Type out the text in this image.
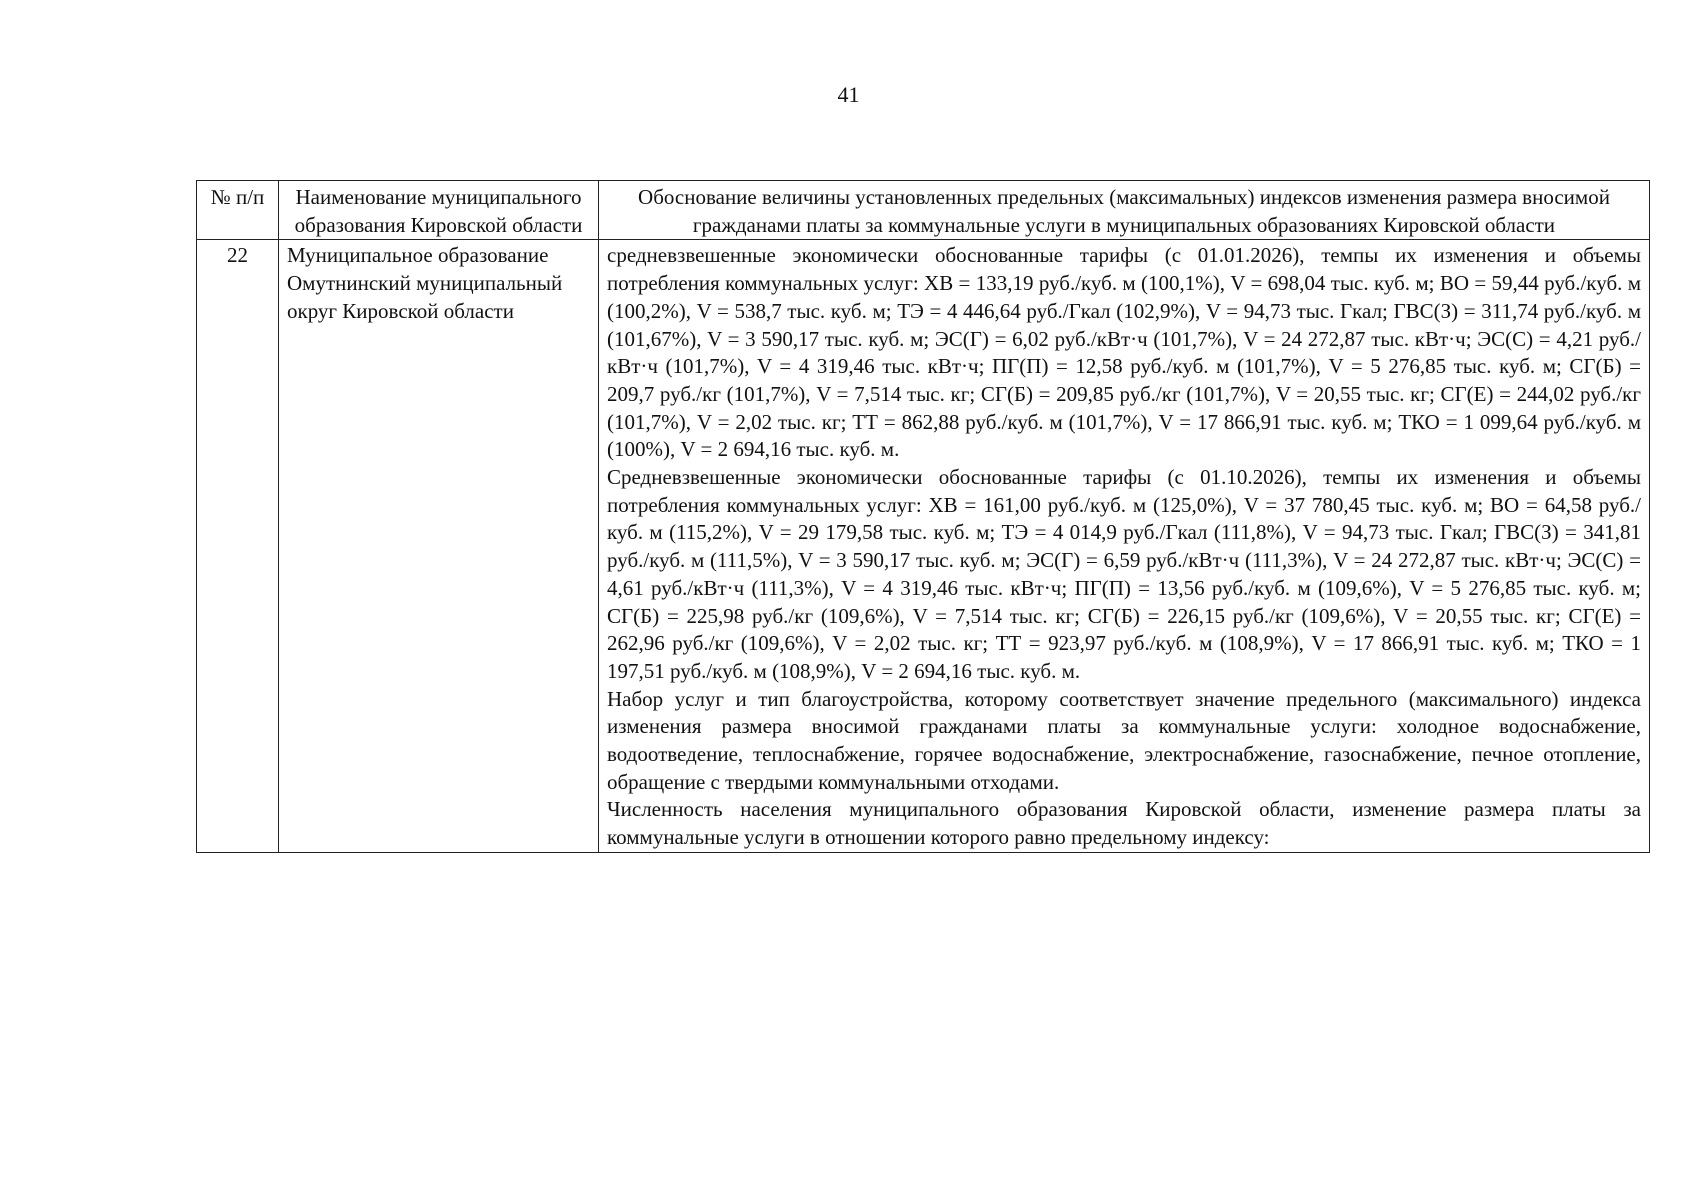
41
№ п/п	Наименование муниципального образования Кировской области	Обоснование величины установленных предельных (максимальных) индексов изменения размера вносимой гражданами платы за коммунальные услуги в муниципальных образованиях Кировской области
22	Муниципальное образование Омутнинский муниципальный округ Кировской области	средневзвешенные экономически обоснованные тарифы (с 01.01.2026), темпы их изменения и объемы потребления коммунальных услуг: ХВ = 133,19 руб./куб. м (100,1%), V = 698,04 тыс. куб. м; ВО = 59,44 руб./куб. м (100,2%), V = 538,7 тыс. куб. м; ТЭ = 4 446,64 руб./Гкал (102,9%), V = 94,73 тыс. Гкал; ГВС(З) = 311,74 руб./куб. м (101,67%), V = 3 590,17 тыс. куб. м; ЭС(Г) = 6,02 руб./кВт·ч (101,7%), V = 24 272,87 тыс. кВт·ч; ЭС(С) = 4,21 руб./кВт·ч (101,7%), V = 4 319,46 тыс. кВт·ч; ПГ(П) = 12,58 руб./куб. м (101,7%), V = 5 276,85 тыс. куб. м; СГ(Б) = 209,7 руб./кг (101,7%), V = 7,514 тыс. кг; СГ(Б) = 209,85 руб./кг (101,7%), V = 20,55 тыс. кг; СГ(Е) = 244,02 руб./кг (101,7%), V = 2,02 тыс. кг; ТТ = 862,88 руб./куб. м (101,7%), V = 17 866,91 тыс. куб. м; ТКО = 1 099,64 руб./куб. м (100%), V = 2 694,16 тыс. куб. м.

Средневзвешенные экономически обоснованные тарифы (с 01.10.2026), темпы их изменения и объемы потребления коммунальных услуг: ХВ = 161,00 руб./куб. м (125,0%), V = 37 780,45 тыс. куб. м; ВО = 64,58 руб./куб. м (115,2%), V = 29 179,58 тыс. куб. м; ТЭ = 4 014,9 руб./Гкал (111,8%), V = 94,73 тыс. Гкал; ГВС(З) = 341,81 руб./куб. м (111,5%), V = 3 590,17 тыс. куб. м; ЭС(Г) = 6,59 руб./кВт·ч (111,3%), V = 24 272,87 тыс. кВт·ч; ЭС(С) = 4,61 руб./кВт·ч (111,3%), V = 4 319,46 тыс. кВт·ч; ПГ(П) = 13,56 руб./куб. м (109,6%), V = 5 276,85 тыс. куб. м; СГ(Б) = 225,98 руб./кг (109,6%), V = 7,514 тыс. кг; СГ(Б) = 226,15 руб./кг (109,6%), V = 20,55 тыс. кг; СГ(Е) = 262,96 руб./кг (109,6%), V = 2,02 тыс. кг; ТТ = 923,97 руб./куб. м (108,9%), V = 17 866,91 тыс. куб. м; ТКО = 1 197,51 руб./куб. м (108,9%), V = 2 694,16 тыс. куб. м.

Набор услуг и тип благоустройства, которому соответствует значение предельного (максимального) индекса изменения размера вносимой гражданами платы за коммунальные услуги: холодное водоснабжение, водоотведение, теплоснабжение, горячее водоснабжение, электроснабжение, газоснабжение, печное отопление, обращение с твердыми коммунальными отходами.

Численность населения муниципального образования Кировской области, изменение размера платы за коммунальные услуги в отношении которого равно предельному индексу:
